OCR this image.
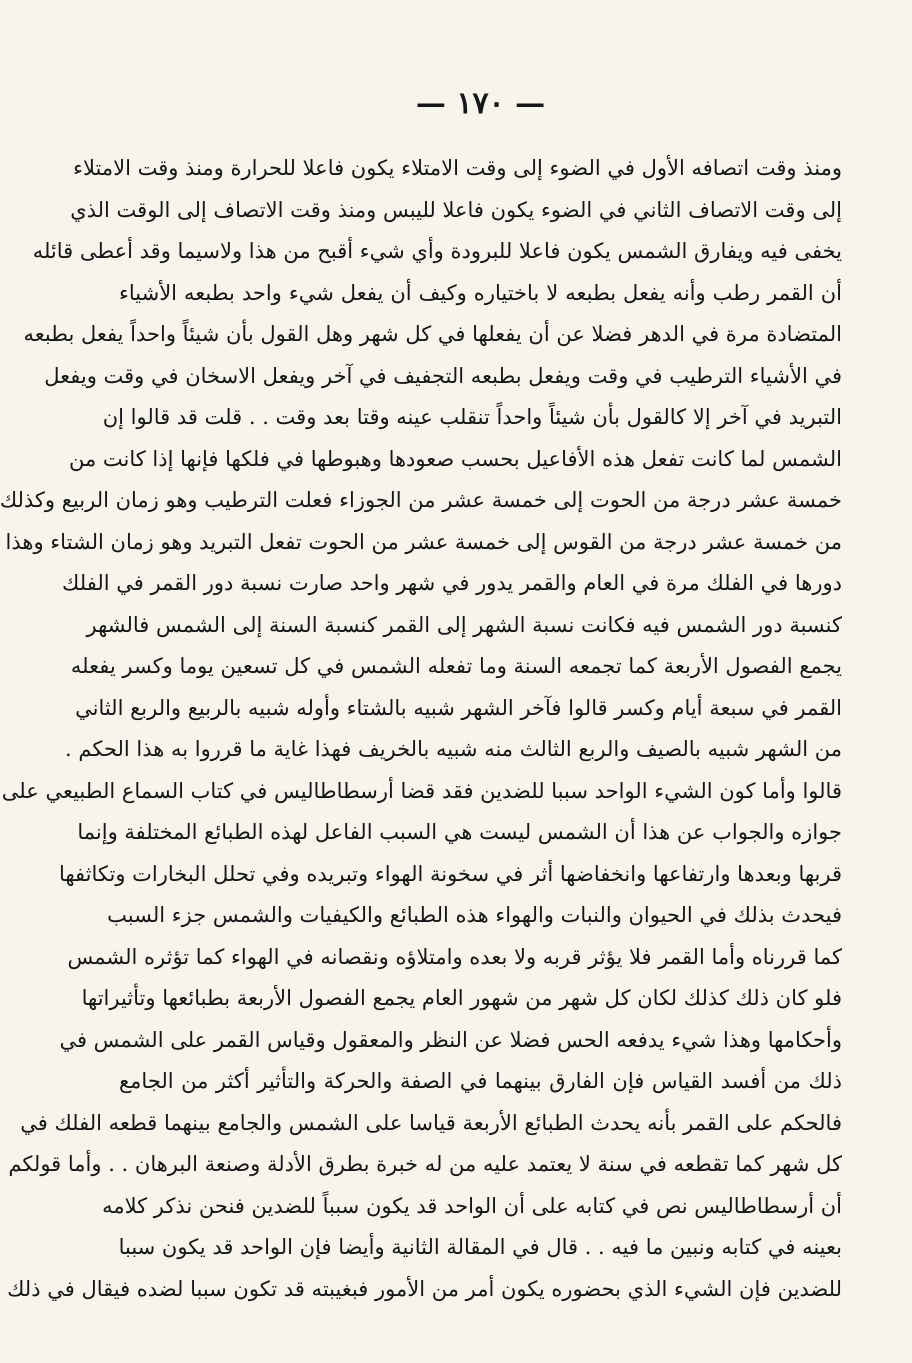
— ١٧٠ —
ومنذ وقت اتصافه الأول في الضوء إلى وقت الامتلاء يكون فاعلا للحرارة ومنذ وقت الامتلاء
إلى وقت الاتصاف الثاني في الضوء يكون فاعلا لليبس ومنذ وقت الاتصاف إلى الوقت الذي
يخفى فيه ويفارق الشمس يكون فاعلا للبرودة وأي شيء أقبح من هذا ولاسيما وقد أعطى قائله
أن القمر رطب وأنه يفعل بطبعه لا باختياره وكيف أن يفعل شيء واحد بطبعه الأشياء
المتضادة مرة في الدهر فضلا عن أن يفعلها في كل شهر وهل القول بأن شيئاً واحداً يفعل بطبعه
في الأشياء الترطيب في وقت ويفعل بطبعه التجفيف في آخر ويفعل الاسخان في وقت ويفعل
التبريد في آخر إلا كالقول بأن شيئاً واحداً تنقلب عينه وقتا بعد وقت . . قلت قد قالوا إن
الشمس لما كانت تفعل هذه الأفاعيل بحسب صعودها وهبوطها في فلكها فإنها إذا كانت من
خمسة عشر درجة من الحوت إلى خمسة عشر من الجوزاء فعلت الترطيب وهو زمان الربيع وكذلك
من خمسة عشر درجة من القوس إلى خمسة عشر من الحوت تفعل التبريد وهو زمان الشتاء وهذا
دورها في الفلك مرة في العام والقمر يدور في شهر واحد صارت نسبة دور القمر في الفلك
كنسبة دور الشمس فيه فكانت نسبة الشهر إلى القمر كنسبة السنة إلى الشمس فالشهر
يجمع الفصول الأربعة كما تجمعه السنة وما تفعله الشمس في كل تسعين يوما وكسر يفعله
القمر في سبعة أيام وكسر قالوا فآخر الشهر شبيه بالشتاء وأوله شبيه بالربيع والربع الثاني
من الشهر شبيه بالصيف والربع الثالث منه شبيه بالخريف فهذا غاية ما قرروا به هذا الحكم .
قالوا وأما كون الشيء الواحد سببا للضدين فقد قضا أرسطاطاليس في كتاب السماع الطبيعي على
جوازه والجواب عن هذا أن الشمس ليست هي السبب الفاعل لهذه الطبائع المختلفة وإنما
قربها وبعدها وارتفاعها وانخفاضها أثر في سخونة الهواء وتبريده وفي تحلل البخارات وتكاثفها
فيحدث بذلك في الحيوان والنبات والهواء هذه الطبائع والكيفيات والشمس جزء السبب
كما قررناه وأما القمر فلا يؤثر قربه ولا بعده وامتلاؤه ونقصانه في الهواء كما تؤثره الشمس
فلو كان ذلك كذلك لكان كل شهر من شهور العام يجمع الفصول الأربعة بطبائعها وتأثيراتها
وأحكامها وهذا شيء يدفعه الحس فضلا عن النظر والمعقول وقياس القمر على الشمس في
ذلك من أفسد القياس فإن الفارق بينهما في الصفة والحركة والتأثير أكثر من الجامع
فالحكم على القمر بأنه يحدث الطبائع الأربعة قياسا على الشمس والجامع بينهما قطعه الفلك في
كل شهر كما تقطعه في سنة لا يعتمد عليه من له خبرة بطرق الأدلة وصنعة البرهان . . وأما قولكم
أن أرسطاطاليس نص في كتابه على أن الواحد قد يكون سبباً للضدين فنحن نذكر كلامه
بعينه في كتابه ونبين ما فيه . . قال في المقالة الثانية وأيضا فإن الواحد قد يكون سببا
للضدين فإن الشيء الذي بحضوره يكون أمر من الأمور فبغيبته قد تكون سببا لضده فيقال في ذلك
